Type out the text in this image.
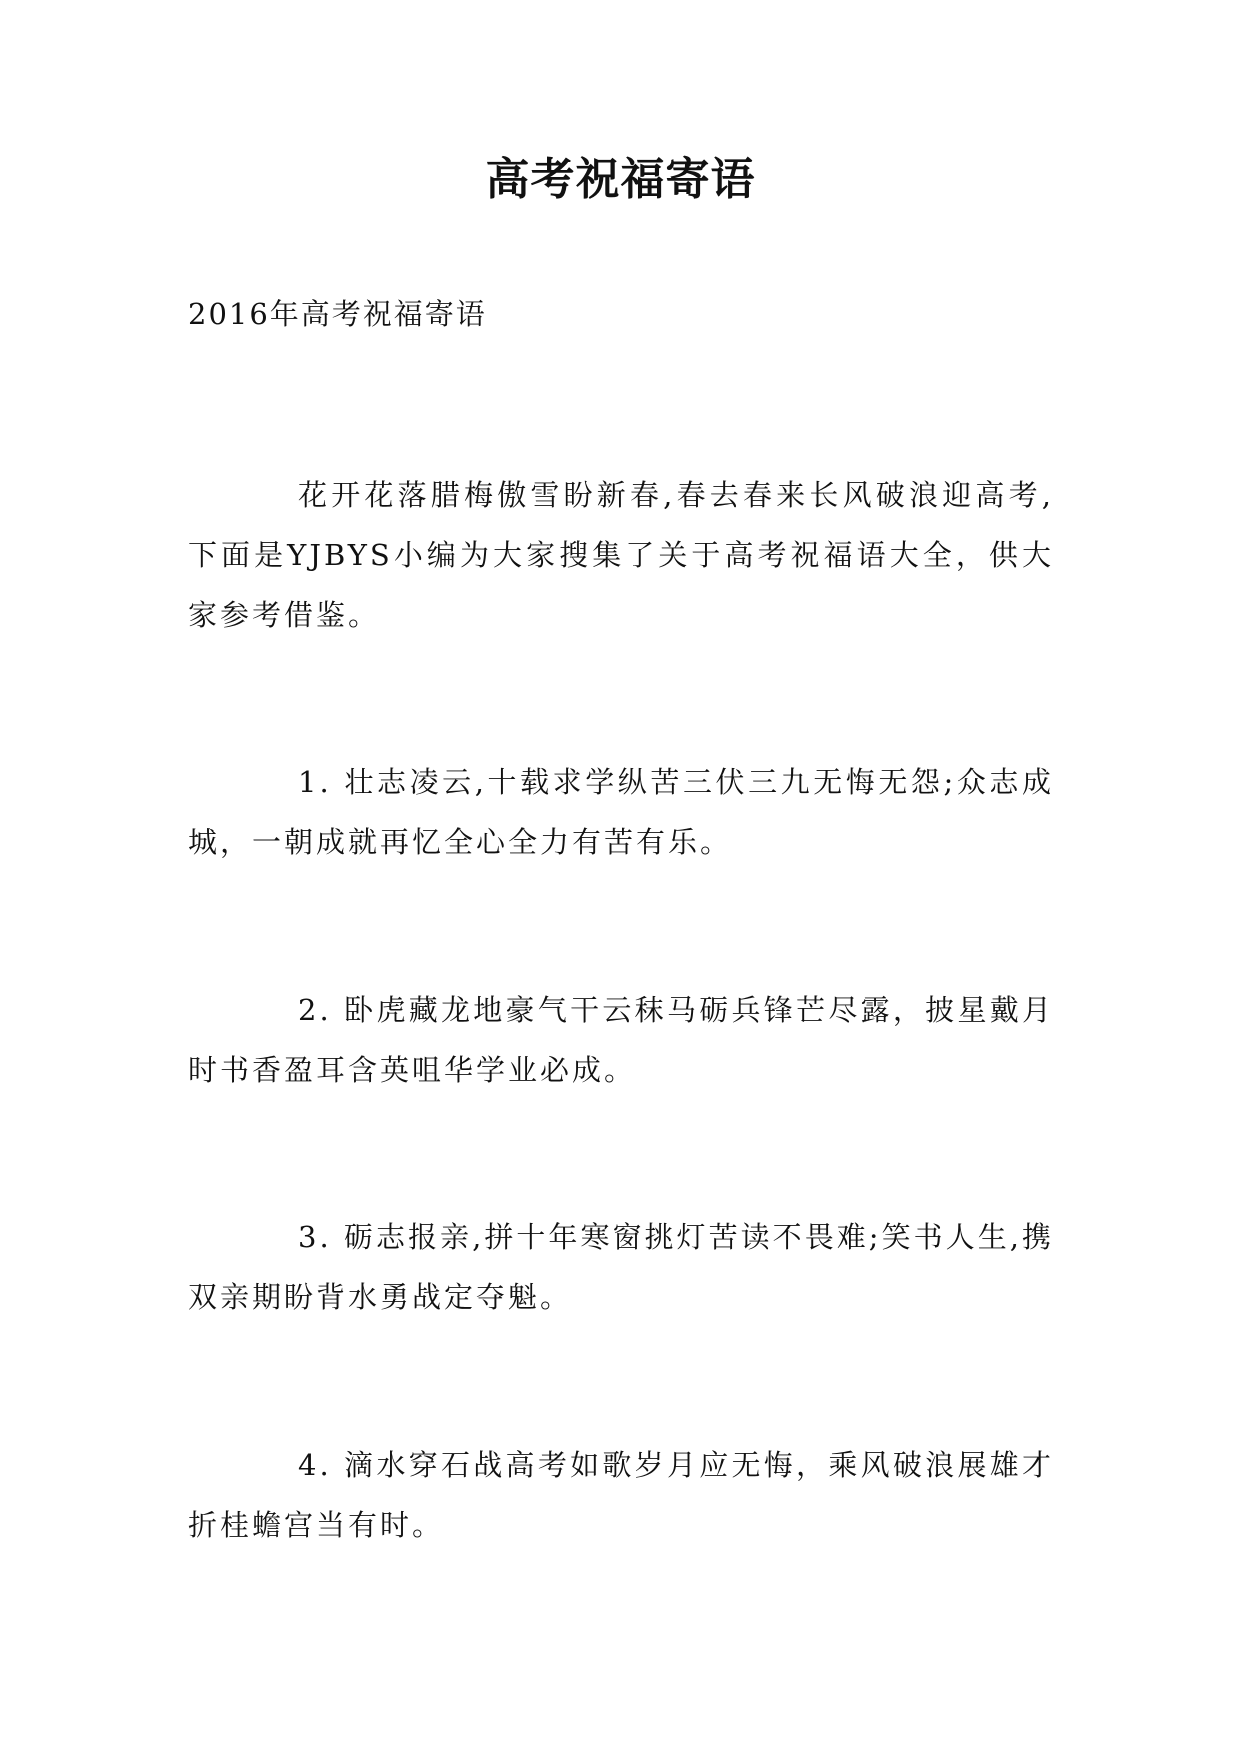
高考祝福寄语

2016年高考祝福寄语

花开花落腊梅傲雪盼新春,春去春来长风破浪迎高考,下面是YJBYS小编为大家搜集了关于高考祝福语大全，供大家参考借鉴。

1. 壮志凌云,十载求学纵苦三伏三九无悔无怨;众志成城，一朝成就再忆全心全力有苦有乐。

2. 卧虎藏龙地豪气干云秣马砺兵锋芒尽露，披星戴月时书香盈耳含英咀华学业必成。

3. 砺志报亲,拼十年寒窗挑灯苦读不畏难;笑书人生,携双亲期盼背水勇战定夺魁。

4. 滴水穿石战高考如歌岁月应无悔，乘风破浪展雄才折桂蟾宫当有时。
